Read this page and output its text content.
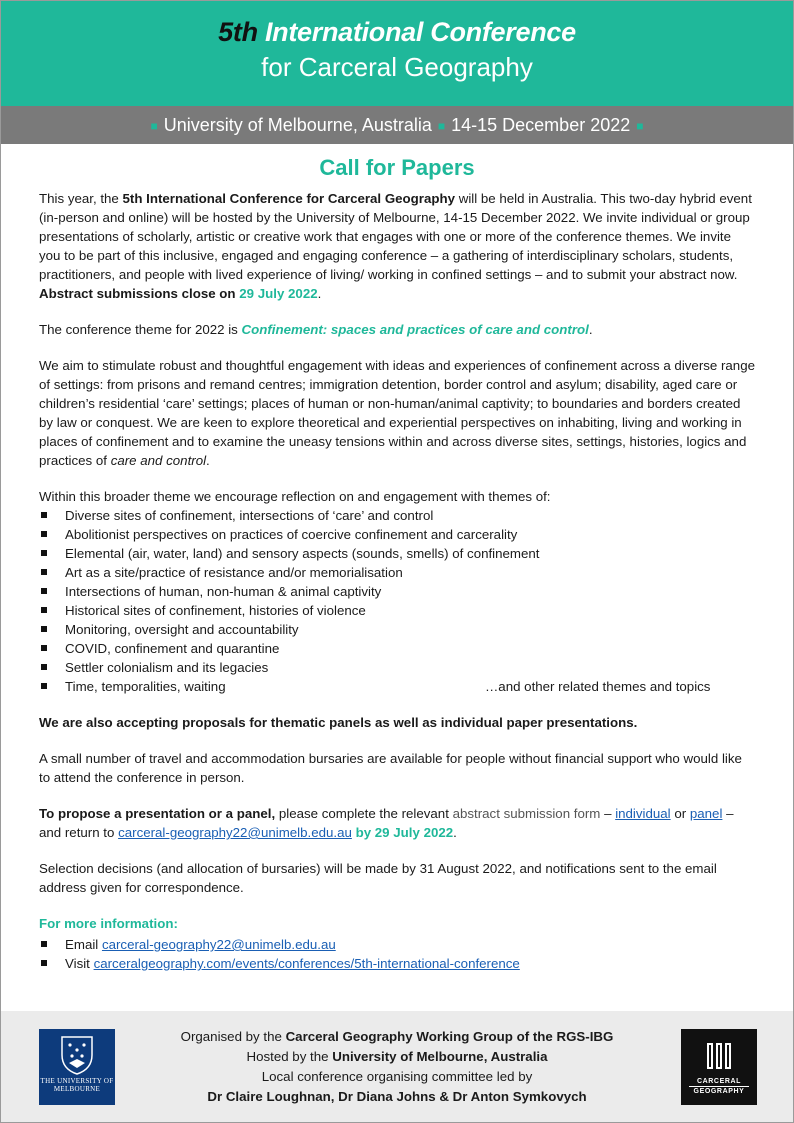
5th International Conference
for Carceral Geography
■ University of Melbourne, Australia ■ 14-15 December 2022 ■
Call for Papers

This year, the 5th International Conference for Carceral Geography will be held in Australia. This two-day hybrid event (in-person and online) will be hosted by the University of Melbourne, 14-15 December 2022. We invite individual or group presentations of scholarly, artistic or creative work that engages with one or more of the conference themes. We invite you to be part of this inclusive, engaged and engaging conference – a gathering of interdisciplinary scholars, students, practitioners, and people with lived experience of living/ working in confined settings – and to submit your abstract now. Abstract submissions close on 29 July 2022.

The conference theme for 2022 is Confinement: spaces and practices of care and control.

We aim to stimulate robust and thoughtful engagement with ideas and experiences of confinement across a diverse range of settings: from prisons and remand centres; immigration detention, border control and asylum; disability, aged care or children’s residential ‘care’ settings; places of human or non-human/animal captivity; to boundaries and borders created by law or conquest. We are keen to explore theoretical and experiential perspectives on inhabiting, living and working in places of confinement and to examine the uneasy tensions within and across diverse sites, settings, histories, logics and practices of care and control.

Within this broader theme we encourage reflection on and engagement with themes of:
Diverse sites of confinement, intersections of ‘care’ and control
Abolitionist perspectives on practices of coercive confinement and carcerality
Elemental (air, water, land) and sensory aspects (sounds, smells) of confinement
Art as a site/practice of resistance and/or memorialisation
Intersections of human, non-human & animal captivity
Historical sites of confinement, histories of violence
Monitoring, oversight and accountability
COVID, confinement and quarantine
Settler colonialism and its legacies
Time, temporalities, waiting	…and other related themes and topics

We are also accepting proposals for thematic panels as well as individual paper presentations.

A small number of travel and accommodation bursaries are available for people without financial support who would like to attend the conference in person.

To propose a presentation or a panel, please complete the relevant abstract submission form – individual or panel – and return to carceral-geography22@unimelb.edu.au by 29 July 2022.

Selection decisions (and allocation of bursaries) will be made by 31 August 2022, and notifications sent to the email address given for correspondence.

For more information:
Email carceral-geography22@unimelb.edu.au
Visit carceralgeography.com/events/conferences/5th-international-conference
THE UNIVERSITY OF
MELBOURNE
Organised by the Carceral Geography Working Group of the RGS-IBG
Hosted by the University of Melbourne, Australia
Local conference organising committee led by
Dr Claire Loughnan, Dr Diana Johns & Dr Anton Symkovych
CARCERAL
GEOGRAPHY
